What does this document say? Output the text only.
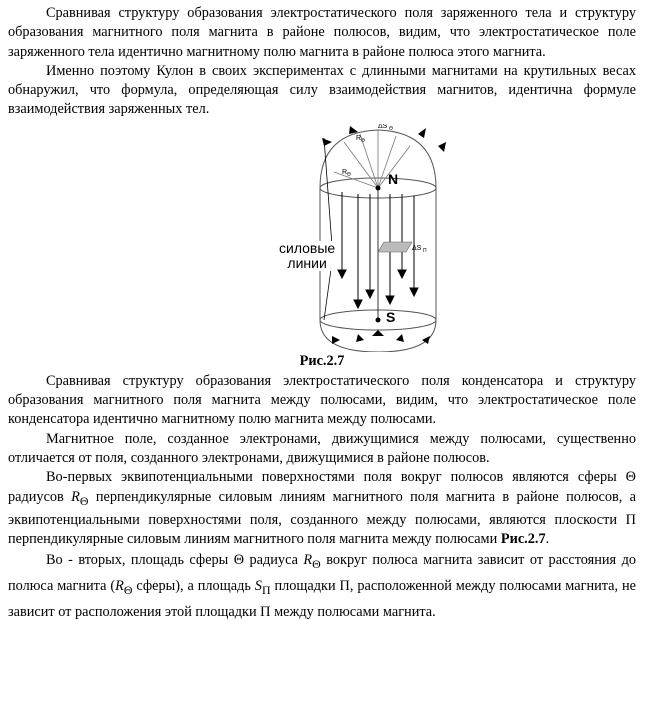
Сравнивая структуру образования электростатического поля заряженного тела и структуру образования магнитного поля магнита в районе полюсов, видим, что электростатическое поле заряженного тела идентично магнитному полю магнита в районе полюса этого магнита.

Именно поэтому Кулон в своих экспериментах с длинными магнитами на крутильных весах обнаружил, что формула, определяющая силу взаимодействия магнитов, идентична формуле взаимодействия заряженных тел.

N
S
R Θ
R Θ
ΔS Θ
ΔS П
силовые
линии
Рис.2.7

Сравнивая структуру образования электростатического поля конденсатора и структуру образования магнитного поля магнита между полюсами, видим, что электростатическое поле конденсатора идентично магнитному полю магнита между полюсами.

Магнитное поле, созданное электронами, движущимися между полюсами, существенно отличается от поля, созданного электронами, движущимися в районе полюсов.

Во-первых эквипотенциальными поверхностями поля вокруг полюсов являются сферы Θ радиусов $R_\Theta$ перпендикулярные силовым линиям магнитного поля магнита в районе полюсов, а эквипотенциальными поверхностями поля, созданного между полюсами, являются плоскости П перпендикулярные силовым линиям магнитного поля магнита между полюсами Рис.2.7.

Во - вторых, площадь сферы Θ радиуса $R_\Theta$ вокруг полюса магнита зависит от расстояния до полюса магнита ($R_\Theta$ сферы), а площадь $S_П$ площадки П, расположенной между полюсами магнита, не зависит от расположения этой площадки П между полюсами магнита.
